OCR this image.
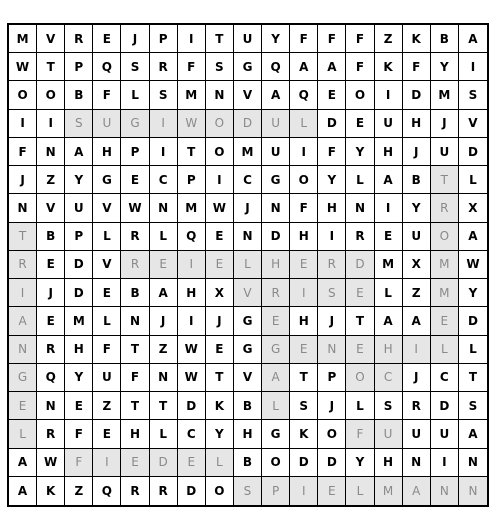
M	V	R	E	J	P	I	T	U	Y	F	F	F	Z	K	B	A
W	T	P	Q	S	R	F	S	G	Q	A	A	F	K	F	Y	I
O	O	B	F	L	S	M	N	V	A	Q	E	O	I	D	M	S
I	I	S	U	G	I	W	O	D	U	L	D	E	U	H	J	V
F	N	A	H	P	I	T	O	M	U	I	F	Y	H	J	U	D
J	Z	Y	G	E	C	P	I	C	G	O	Y	L	A	B	T	L
N	V	U	V	W	N	M	W	J	N	F	H	N	I	Y	R	X
T	B	P	L	R	L	Q	E	N	D	H	I	R	E	U	O	A
R	E	D	V	R	E	I	E	L	H	E	R	D	M	X	M	W
I	J	D	E	B	A	H	X	V	R	I	S	E	L	Z	M	Y
A	E	M	L	N	J	I	J	G	E	H	J	T	A	A	E	D
N	R	H	F	T	Z	W	E	G	G	E	N	E	H	I	L	L
G	Q	Y	U	F	N	W	T	V	A	T	P	O	C	J	C	T
E	N	E	Z	T	T	D	K	B	L	S	J	L	S	R	D	S
L	R	F	E	H	L	C	Y	H	G	K	O	F	U	U	U	A
A	W	F	I	E	D	E	L	B	O	D	D	Y	H	N	I	N
A	K	Z	Q	R	R	D	O	S	P	I	E	L	M	A	N	N
